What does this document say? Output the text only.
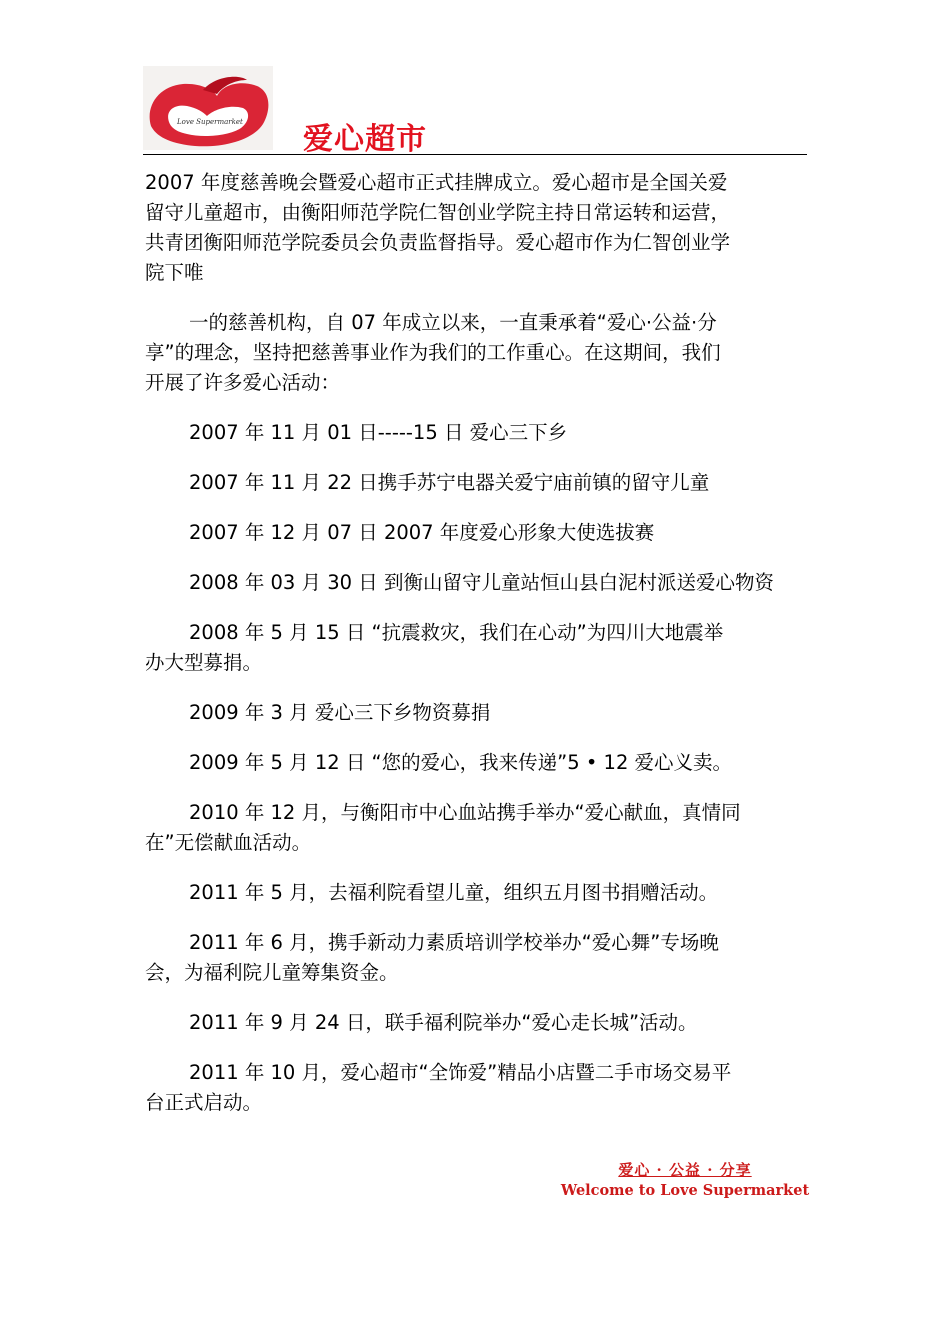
Love Supermarket 爱心超市
2007 年度慈善晚会暨爱心超市正式挂牌成立。爱心超市是全国关爱
留守儿童超市，由衡阳师范学院仁智创业学院主持日常运转和运营，
共青团衡阳师范学院委员会负责监督指导。爱心超市作为仁智创业学
院下唯
一的慈善机构，自 07 年成立以来，一直秉承着“爱心·公益·分
享”的理念，坚持把慈善事业作为我们的工作重心。在这期间，我们
开展了许多爱心活动：
2007 年 11 月 01 日-----15 日 爱心三下乡
2007 年 11 月 22 日携手苏宁电器关爱宁庙前镇的留守儿童
2007 年 12 月 07 日 2007 年度爱心形象大使选拔赛
2008 年 03 月 30 日 到衡山留守儿童站恒山县白泥村派送爱心物资
2008 年 5 月 15 日 “抗震救灾，我们在心动”为四川大地震举
办大型募捐。
2009 年 3 月 爱心三下乡物资募捐
2009 年 5 月 12 日 “您的爱心，我来传递”5 • 12 爱心义卖。
2010 年 12 月，与衡阳市中心血站携手举办“爱心献血，真情同
在”无偿献血活动。
2011 年 5 月，去福利院看望儿童，组织五月图书捐赠活动。
2011 年 6 月，携手新动力素质培训学校举办“爱心舞”专场晚
会，为福利院儿童筹集资金。
2011 年 9 月 24 日，联手福利院举办“爱心走长城”活动。
2011 年 10 月，爱心超市“全饰爱”精品小店暨二手市场交易平
台正式启动。
爱心 · 公益 · 分享
Welcome to Love Supermarket
